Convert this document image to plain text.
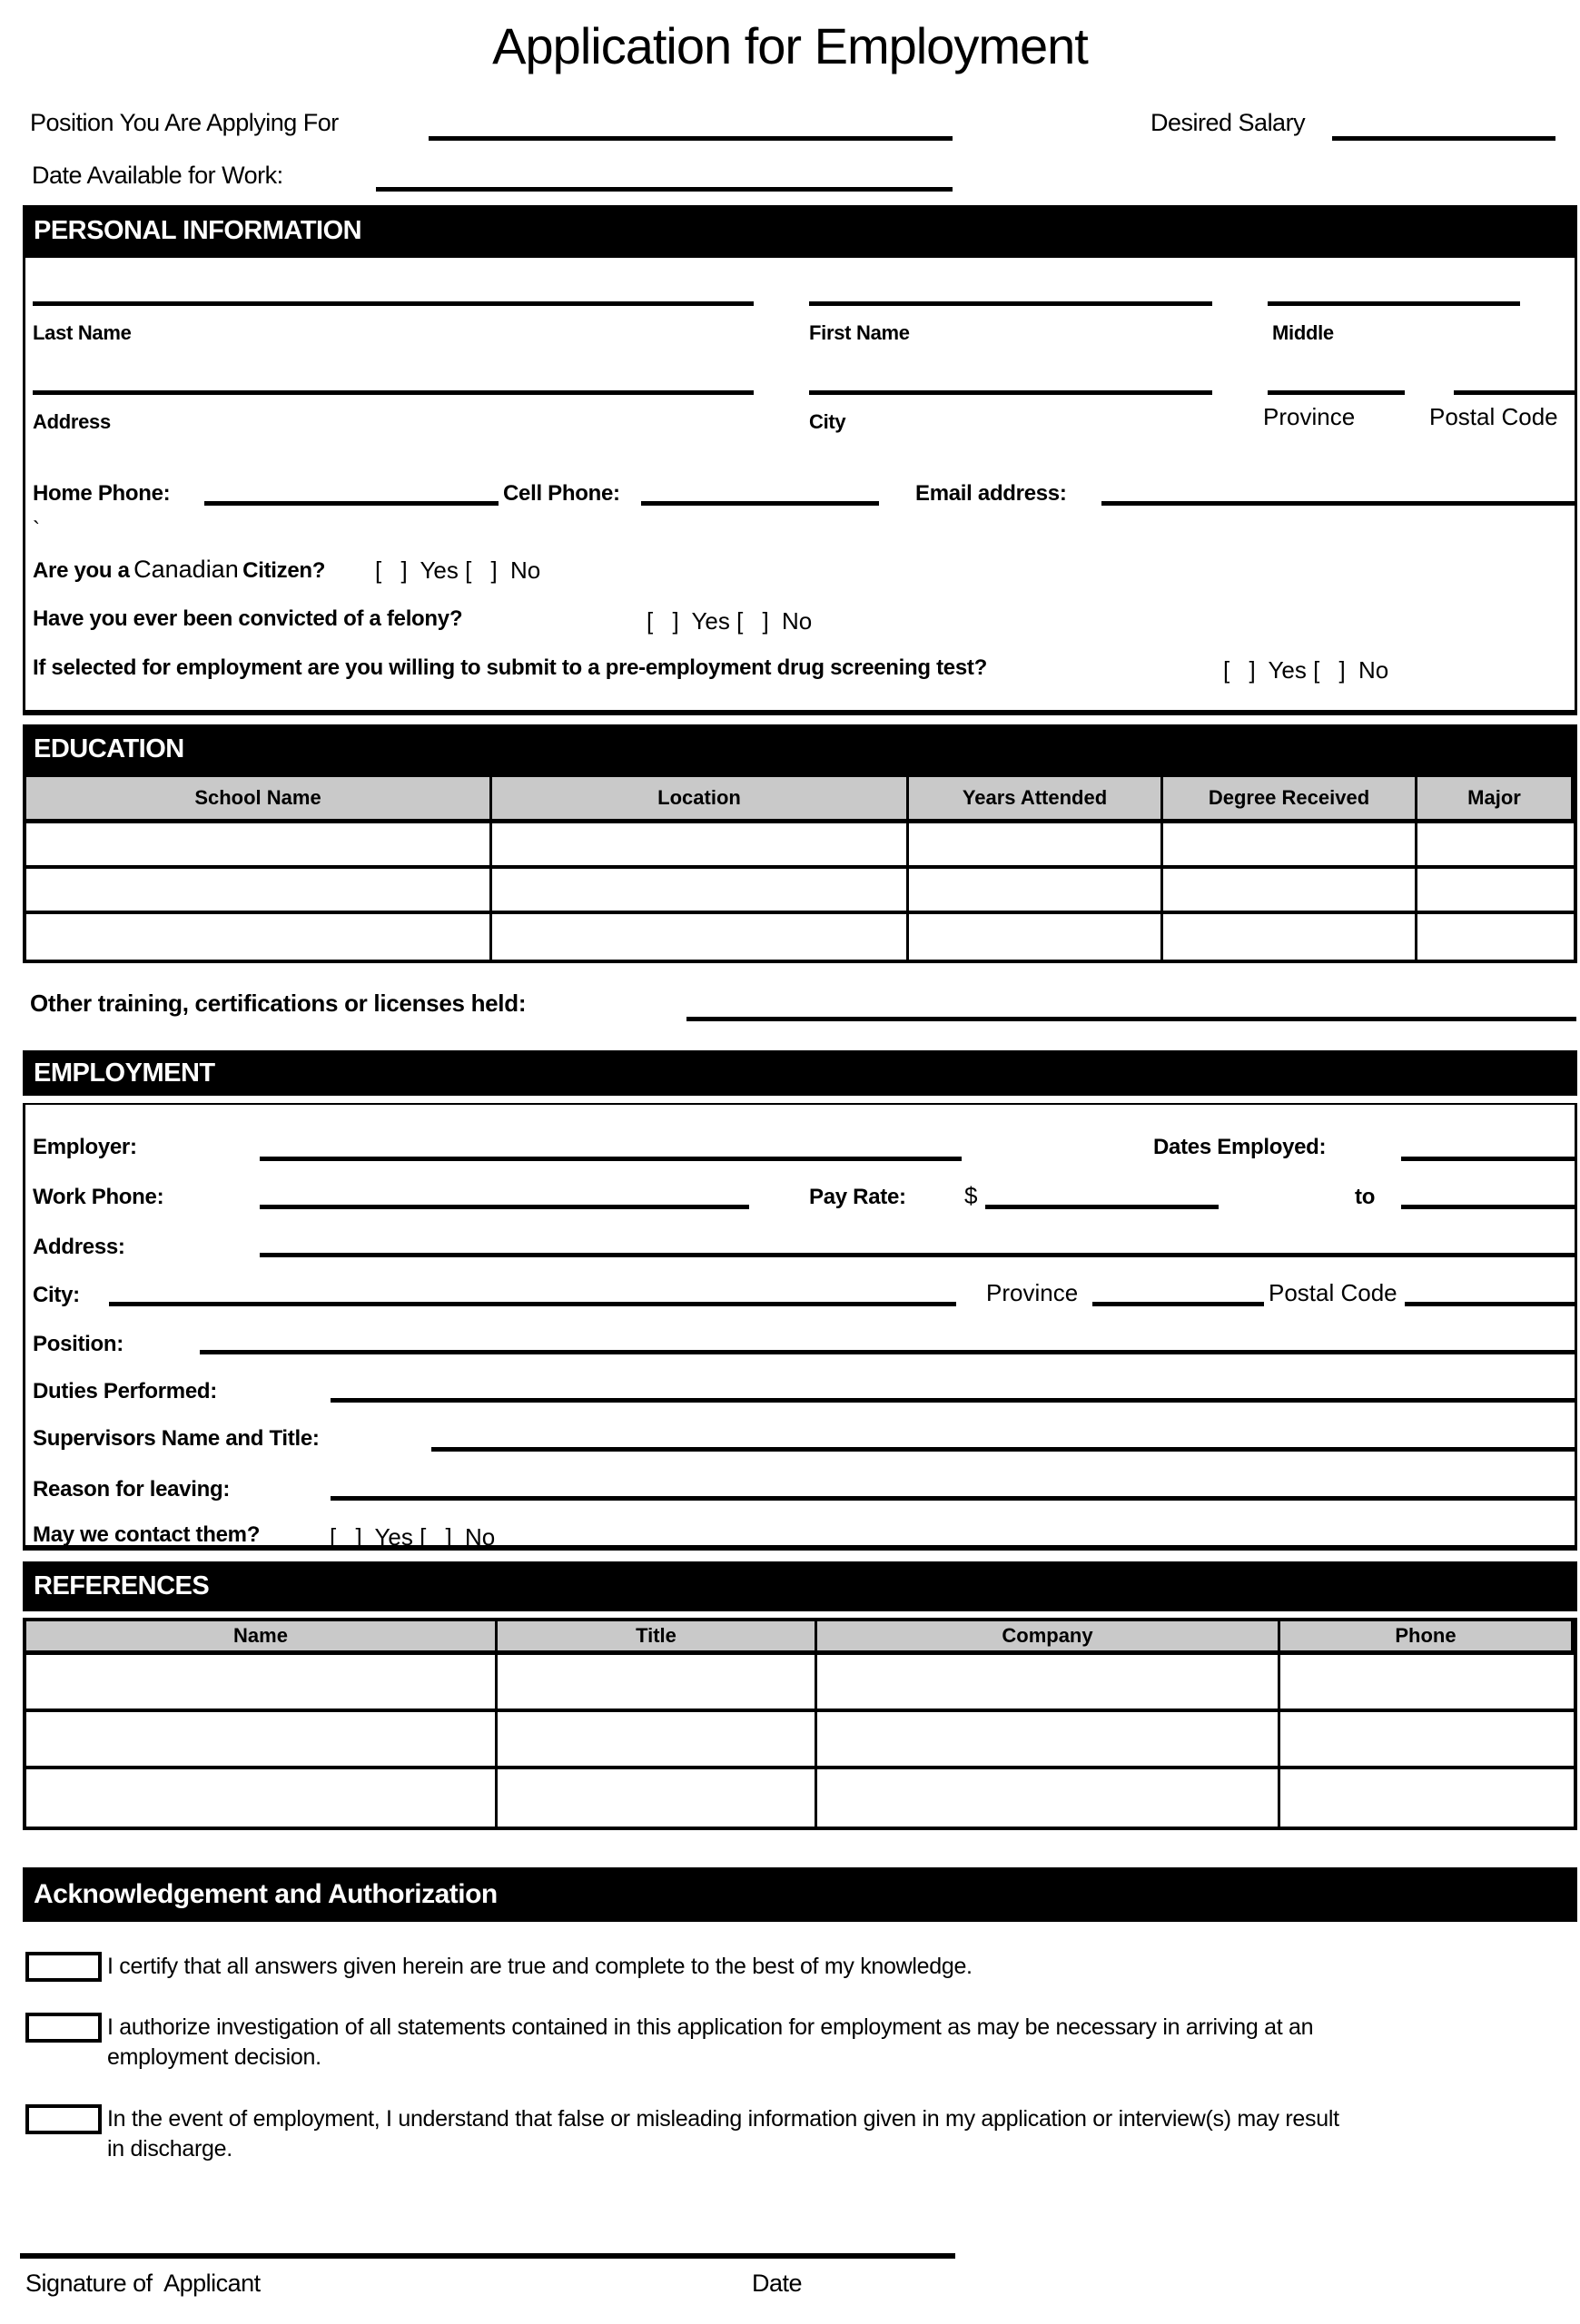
Application for Employment
Position You Are Applying For	Desired Salary
Date Available for Work:
PERSONAL INFORMATION
Last Name	First Name	Middle
Address	City	Province	Postal Code
Home Phone:	Cell Phone:	Email address:
`
Are you a Canadian Citizen? [ ] Yes [ ] No
Have you ever been convicted of a felony?	[ ] Yes [ ] No
If selected for employment are you willing to submit to a pre-employment drug screening test?	[ ] Yes [ ] No
EDUCATION
School Name	Location	Years Attended	Degree Received	Major
Other training, certifications or licenses held:
EMPLOYMENT
Employer:	Dates Employed:
Work Phone:	Pay Rate: $	to
Address:
City:	Province	Postal Code
Position:
Duties Performed:
Supervisors Name and Title:
Reason for leaving:
May we contact them?	[ ] Yes [ ] No
REFERENCES
Name	Title	Company	Phone
Acknowledgement and Authorization
I certify that all answers given herein are true and complete to the best of my knowledge.
I authorize investigation of all statements contained in this application for employment as may be necessary in arriving at an employment decision.
In the event of employment, I understand that false or misleading information given in my application or interview(s) may result in discharge.
Signature of  Applicant	Date
